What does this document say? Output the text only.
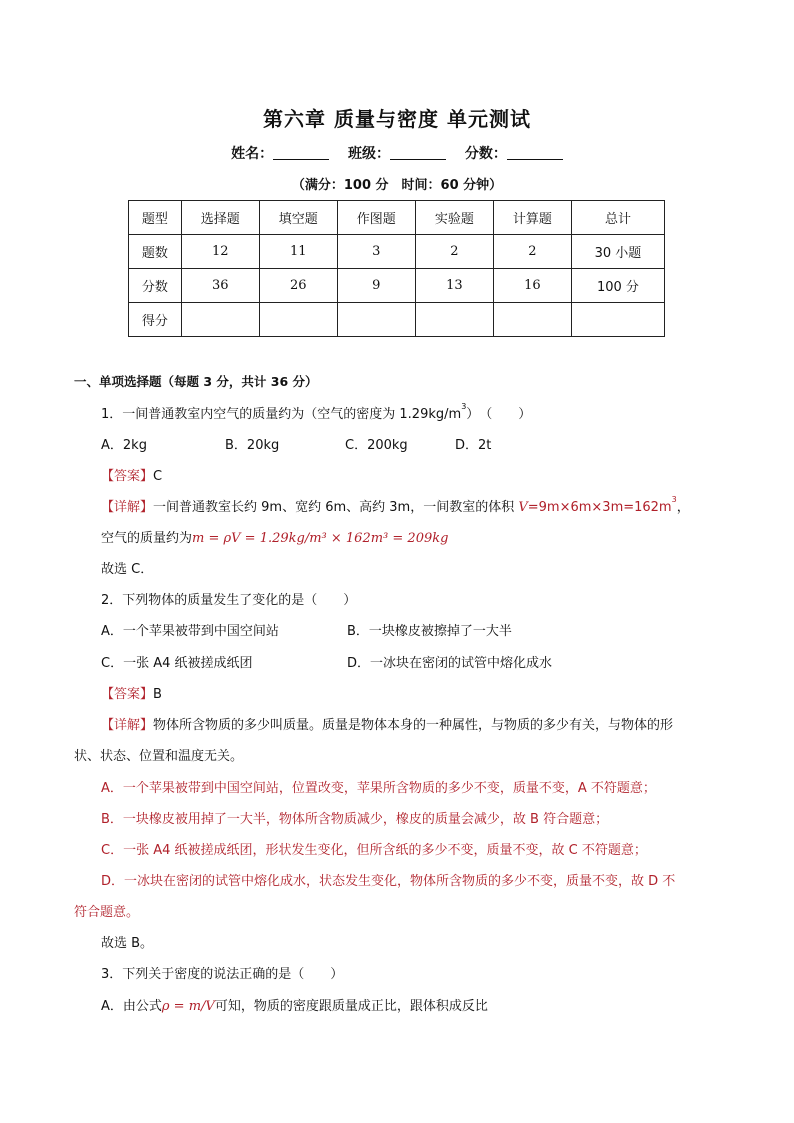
第六章 质量与密度 单元测试
姓名：	班级：	分数：
（满分：100 分　时间：60 分钟）
题型	选择题	填空题	作图题	实验题	计算题	总计
题数	12	11	3	2	2	30 小题
分数	36	26	9	13	16	100 分
得分						
一、单项选择题（每题 3 分，共计 36 分）
1．一间普通教室内空气的质量约为（空气的密度为 $1.29kg/m^3$）　（　　）
A．2kg	B．20kg	C．200kg	D．2t
【答案】C
【详解】一间普通教室长约 9m、宽约 6m、高约 3m，一间教室的体积 $V=9m\times 6m\times 3m=162m^3$，
空气的质量约为m = ρV = 1.29kg/m³ × 162m³ = 209kg
故选 C．
2．下列物体的质量发生了变化的是（　　）
A．一个苹果被带到中国空间站	B．一块橡皮被擦掉了一大半
C．一张 A4 纸被搓成纸团	D．一冰块在密闭的试管中熔化成水
【答案】B
【详解】物体所含物质的多少叫质量。质量是物体本身的一种属性，与物质的多少有关，与物体的形
状、状态、位置和温度无关。
A．一个苹果被带到中国空间站，位置改变，苹果所含物质的多少不变，质量不变，A 不符题意；
B．一块橡皮被用掉了一大半，物体所含物质减少，橡皮的质量会减少，故 B 符合题意；
C．一张 A4 纸被搓成纸团，形状发生变化，但所含纸的多少不变，质量不变，故 C 不符题意；
D．一冰块在密闭的试管中熔化成水，状态发生变化，物体所含物质的多少不变，质量不变，故 D 不
符合题意。
故选 B。
3．下列关于密度的说法正确的是（　　）
A．由公式ρ = m/V可知，物质的密度跟质量成正比，跟体积成反比
